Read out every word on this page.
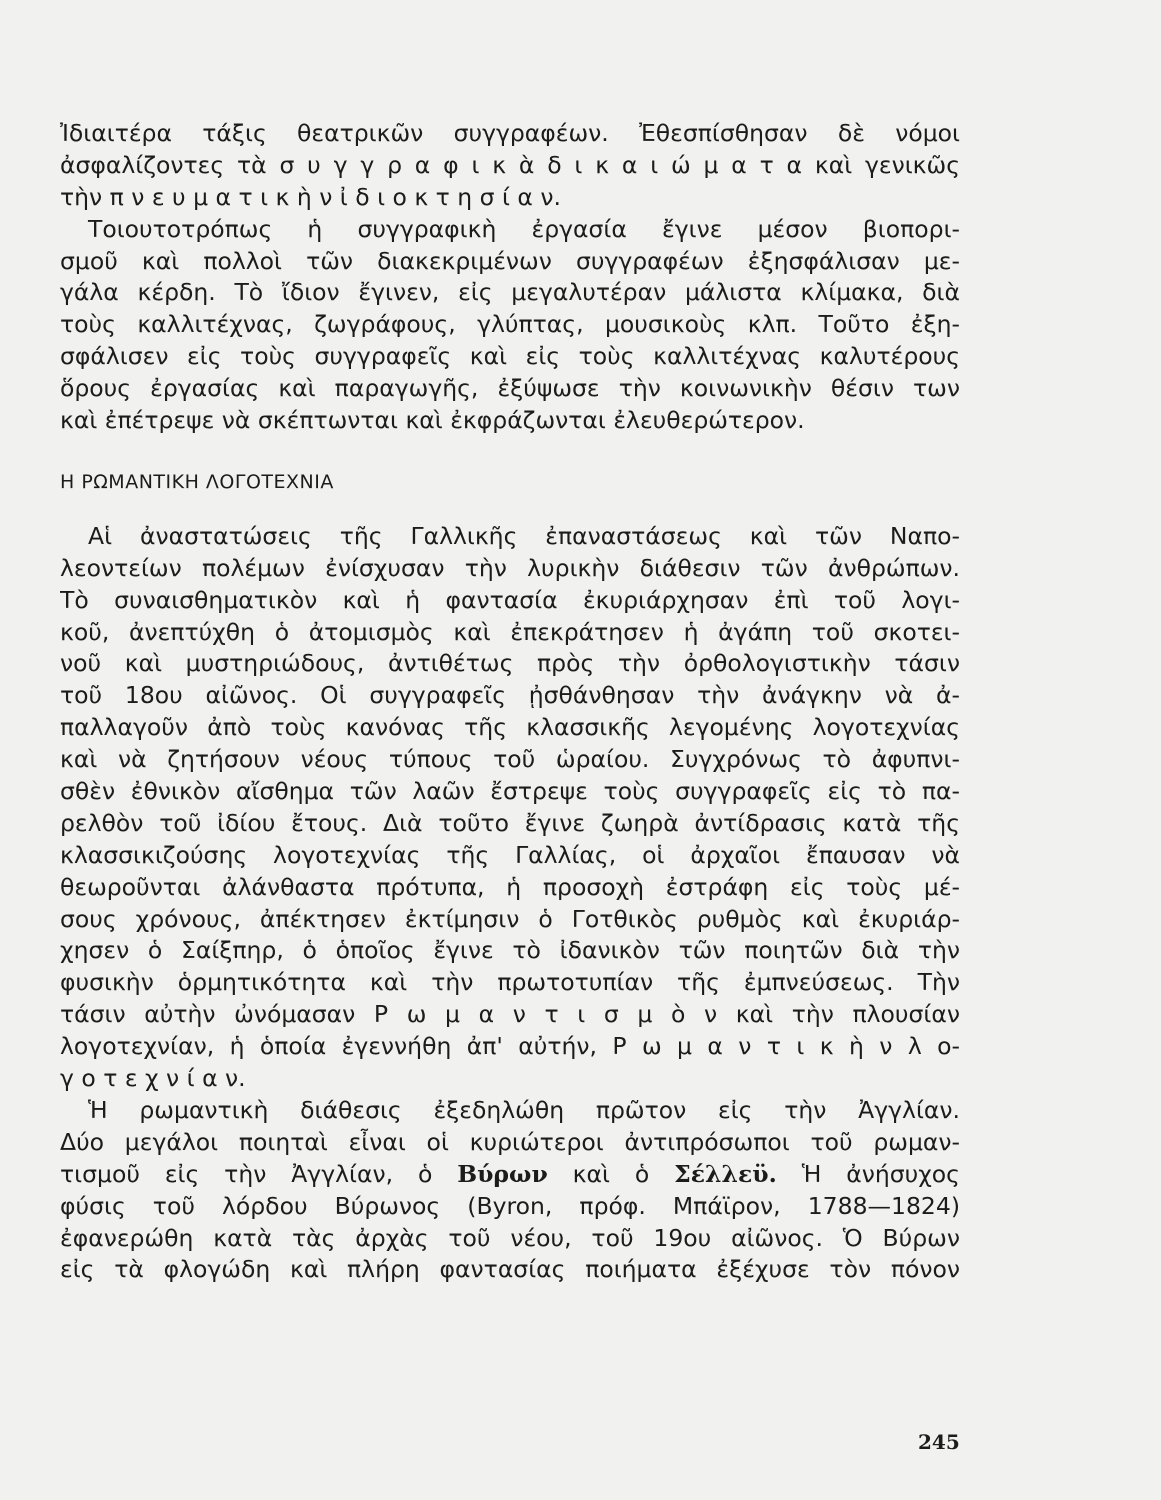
Ἰδιαιτέρα τάξις θεατρικῶν συγγραφέων. Ἐθεσπίσθησαν δὲ νόμοι
ἀσφαλίζοντες τὰ σ υ γ γ ρ α φ ι κ ὰ δ ι κ α ι ώ μ α τ α καὶ γενικῶς
τὴν π ν ε υ μ α τ ι κ ὴ ν ἰ δ ι ο κ τ η σ ί α ν.
Τοιουτοτρόπως ἡ συγγραφικὴ ἐργασία ἔγινε μέσον βιοπορι-
σμοῦ καὶ πολλοὶ τῶν διακεκριμένων συγγραφέων ἐξησφάλισαν με-
γάλα κέρδη. Τὸ ἴδιον ἔγινεν, εἰς μεγαλυτέραν μάλιστα κλίμακα, διὰ
τοὺς καλλιτέχνας, ζωγράφους, γλύπτας, μουσικοὺς κλπ. Τοῦτο ἐξη-
σφάλισεν εἰς τοὺς συγγραφεῖς καὶ εἰς τοὺς καλλιτέχνας καλυτέρους
ὅρους ἐργασίας καὶ παραγωγῆς, ἐξύψωσε τὴν κοινωνικὴν θέσιν των
καὶ ἐπέτρεψε νὰ σκέπτωνται καὶ ἐκφράζωνται ἐλευθερώτερον.
Η ΡΩΜΑΝΤΙΚΗ ΛΟΓΟΤΕΧΝΙΑ
Αἱ ἀναστατώσεις τῆς Γαλλικῆς ἐπαναστάσεως καὶ τῶν Ναπο-
λεοντείων πολέμων ἐνίσχυσαν τὴν λυρικὴν διάθεσιν τῶν ἀνθρώπων.
Τὸ συναισθηματικὸν καὶ ἡ φαντασία ἐκυριάρχησαν ἐπὶ τοῦ λογι-
κοῦ, ἀνεπτύχθη ὁ ἀτομισμὸς καὶ ἐπεκράτησεν ἡ ἀγάπη τοῦ σκοτει-
νοῦ καὶ μυστηριώδους, ἀντιθέτως πρὸς τὴν ὀρθολογιστικὴν τάσιν
τοῦ 18ου αἰῶνος. Οἱ συγγραφεῖς ᾐσθάνθησαν τὴν ἀνάγκην νὰ ἀ-
παλλαγοῦν ἀπὸ τοὺς κανόνας τῆς κλασσικῆς λεγομένης λογοτεχνίας
καὶ νὰ ζητήσουν νέους τύπους τοῦ ὡραίου. Συγχρόνως τὸ ἀφυπνι-
σθὲν ἐθνικὸν αἴσθημα τῶν λαῶν ἔστρεψε τοὺς συγγραφεῖς εἰς τὸ πα-
ρελθὸν τοῦ ἰδίου ἔτους. Διὰ τοῦτο ἔγινε ζωηρὰ ἀντίδρασις κατὰ τῆς
κλασσικιζούσης λογοτεχνίας τῆς Γαλλίας, οἱ ἀρχαῖοι ἔπαυσαν νὰ
θεωροῦνται ἀλάνθαστα πρότυπα, ἡ προσοχὴ ἐστράφη εἰς τοὺς μέ-
σους χρόνους, ἀπέκτησεν ἐκτίμησιν ὁ Γοτθικὸς ρυθμὸς καὶ ἐκυριάρ-
χησεν ὁ Σαίξπηρ, ὁ ὁποῖος ἔγινε τὸ ἰδανικὸν τῶν ποιητῶν διὰ τὴν
φυσικὴν ὁρμητικότητα καὶ τὴν πρωτοτυπίαν τῆς ἐμπνεύσεως. Τὴν
τάσιν αὐτὴν ὠνόμασαν Ρ ω μ α ν τ ι σ μ ὸ ν καὶ τὴν πλουσίαν
λογοτεχνίαν, ἡ ὁποία ἐγεννήθη ἀπ' αὐτήν, Ρ ω μ α ν τ ι κ ὴ ν λ ο-
γ ο τ ε χ ν ί α ν.
Ἡ ρωμαντικὴ διάθεσις ἐξεδηλώθη πρῶτον εἰς τὴν Ἀγγλίαν.
Δύο μεγάλοι ποιηταὶ εἶναι οἱ κυριώτεροι ἀντιπρόσωποι τοῦ ρωμαν-
τισμοῦ εἰς τὴν Ἀγγλίαν, ὁ Βύρων καὶ ὁ Σέλλεϋ. Ἡ ἀνήσυχος
φύσις τοῦ λόρδου Βύρωνος (Byron, πρόφ. Μπάϊρον, 1788—1824)
ἐφανερώθη κατὰ τὰς ἀρχὰς τοῦ νέου, τοῦ 19ου αἰῶνος. Ὁ Βύρων
εἰς τὰ φλογώδη καὶ πλήρη φαντασίας ποιήματα ἐξέχυσε τὸν πόνον
245
